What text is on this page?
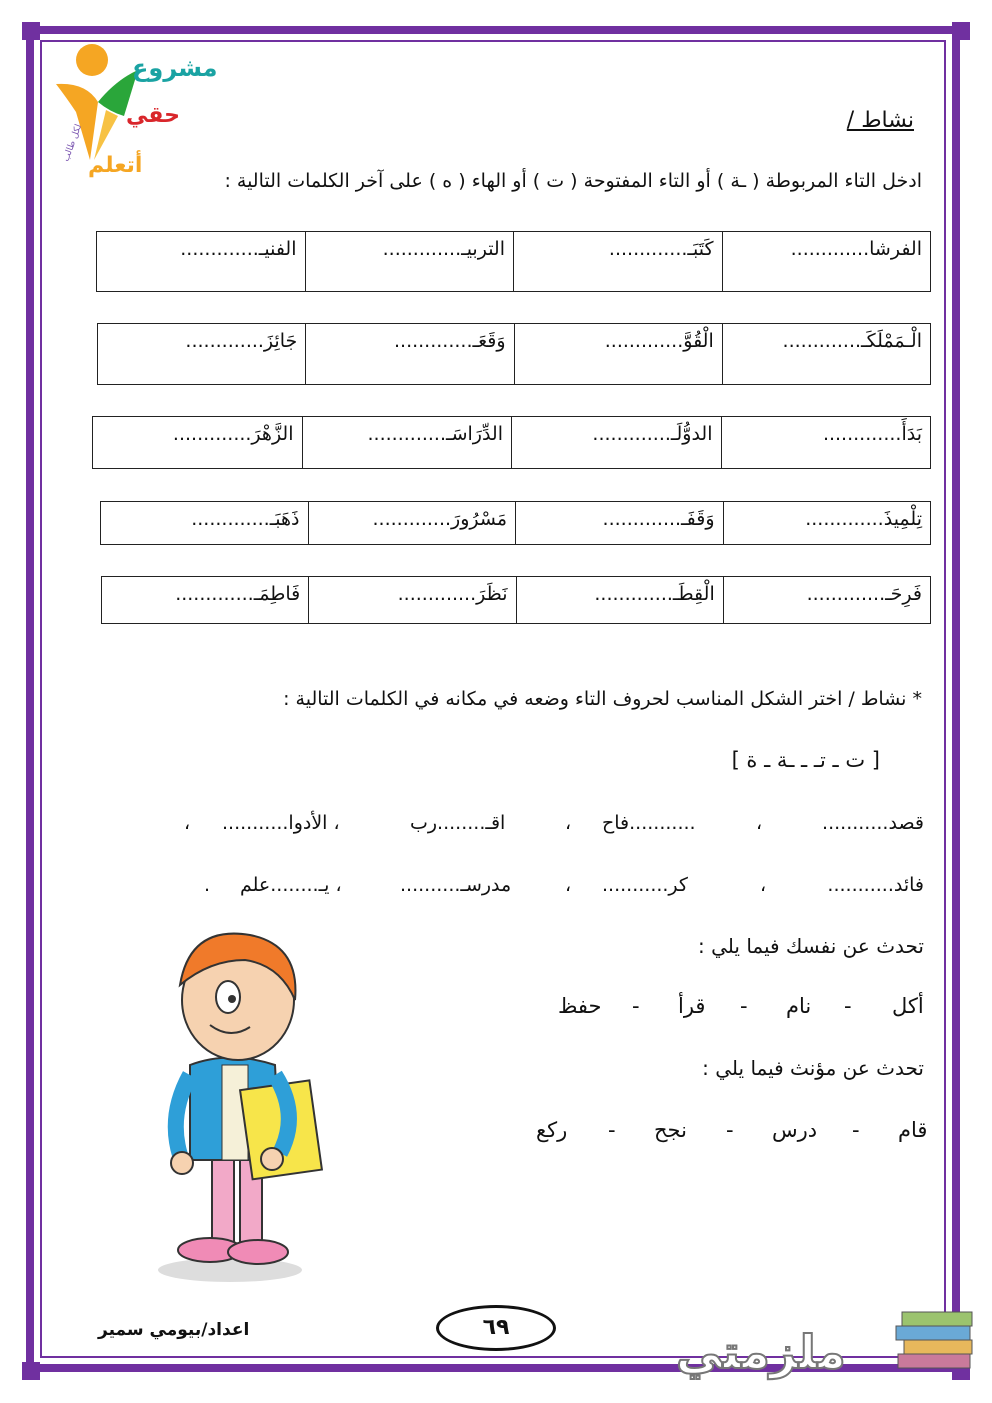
مشروع
حقي
أتعلم
لكل طالب
نشاط /
ادخل التاء المربوطة ( ـة ) أو التاء المفتوحة ( ت ) أو الهاء ( ه ) على آخر الكلمات التالية :
الفرشا.............	كَتَبَـ.............	التربيـ.............	الفنيـ.............
الْـمَمْلَكَـ.............	الْقُوَّ.............	وَقَعَـ.............	جَائِزَ.............
بَدَأَ.............	الدوُّلَـ.............	الدِّرَاسَـ.............	الزَّهْرَ.............
تِلْمِيذَ.............	وَقَفَـ.............	مَسْرُورَ.............	ذَهَبَـ.............
فَرِحَـ.............	الْقِطَـ.............	نَظَرَ.............	فَاطِمَـ.............
* نشاط / اختر الشكل المناسب لحروف التاء وضعه في مكانه في الكلمات التالية :
[ ت ـ تـ ـ ـة ـ ة ]
قصد...........
،
...........فاح
،
اقـ........رب
، الأدوا...........
،
فائد...........
،
كر...........
،
مدرسـ..........
، يـ........علم
.
تحدث عن نفسك فيما يلي :
أكل
-
نام
-
قرأ
-
حفظ
تحدث عن مؤنث فيما يلي :
قام
-
درس
-
نجح
-
ركع
اعداد/بيومي سمير	٦٩	ملزمتي
